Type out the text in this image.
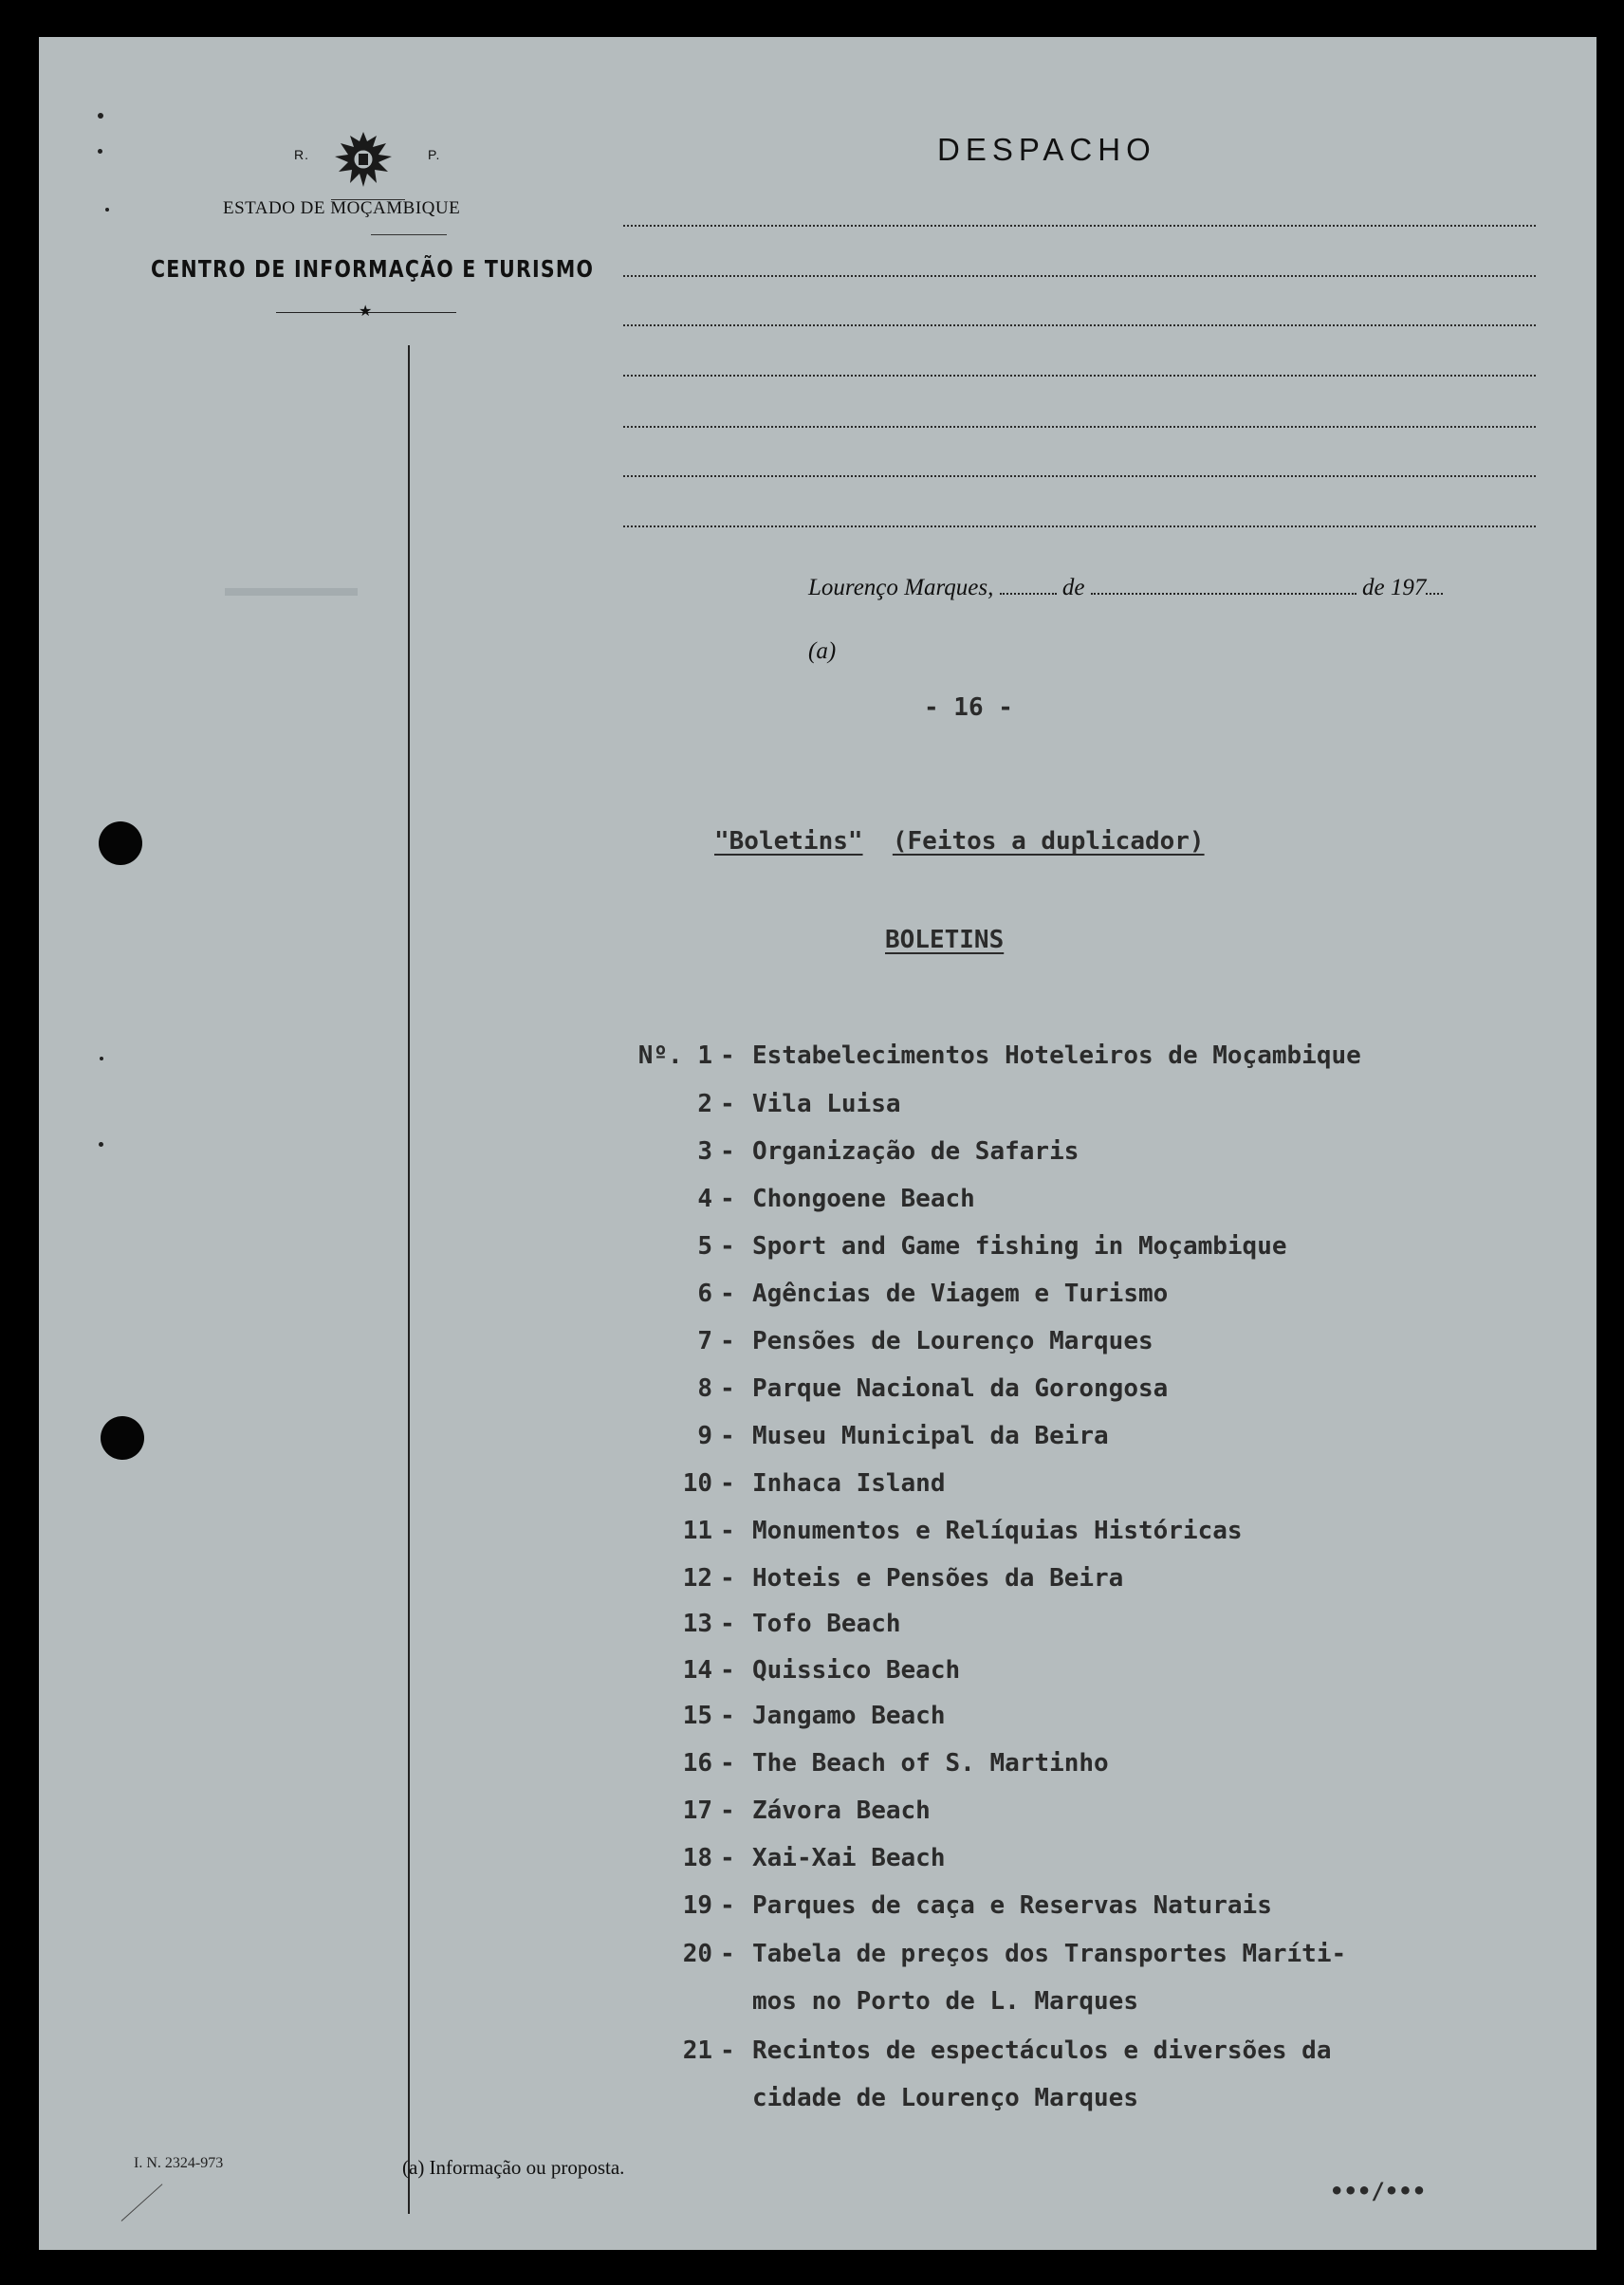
R.	P.
ESTADO DE MOÇAMBIQUE
CENTRO DE INFORMAÇÃO E TURISMO
★
DESPACHO
Lourenço Marques,	de	de 197
(a)
- 16 -
"Boletins" (Feitos a duplicador)
BOLETINS
Nº. 1 - Estabelecimentos Hoteleiros de Moçambique
2 - Vila Luisa
3 - Organização de Safaris
4 - Chongoene Beach
5 - Sport and Game fishing in Moçambique
6 - Agências de Viagem e Turismo
7 - Pensões de Lourenço Marques
8 - Parque Nacional da Gorongosa
9 - Museu Municipal da Beira
10 - Inhaca Island
11 - Monumentos e Relíquias Históricas
12 - Hoteis e Pensões da Beira
13 - Tofo Beach
14 - Quissico Beach
15 - Jangamo Beach
16 - The Beach of S. Martinho
17 - Závora Beach
18 - Xai-Xai Beach
19 - Parques de caça e Reservas Naturais
20 - Tabela de preços dos Transportes Maríti-
mos no Porto de L. Marques
21 - Recintos de espectáculos e diversões da
cidade de Lourenço Marques
I. N. 2324-973	(a) Informação ou proposta.
•••/•••
